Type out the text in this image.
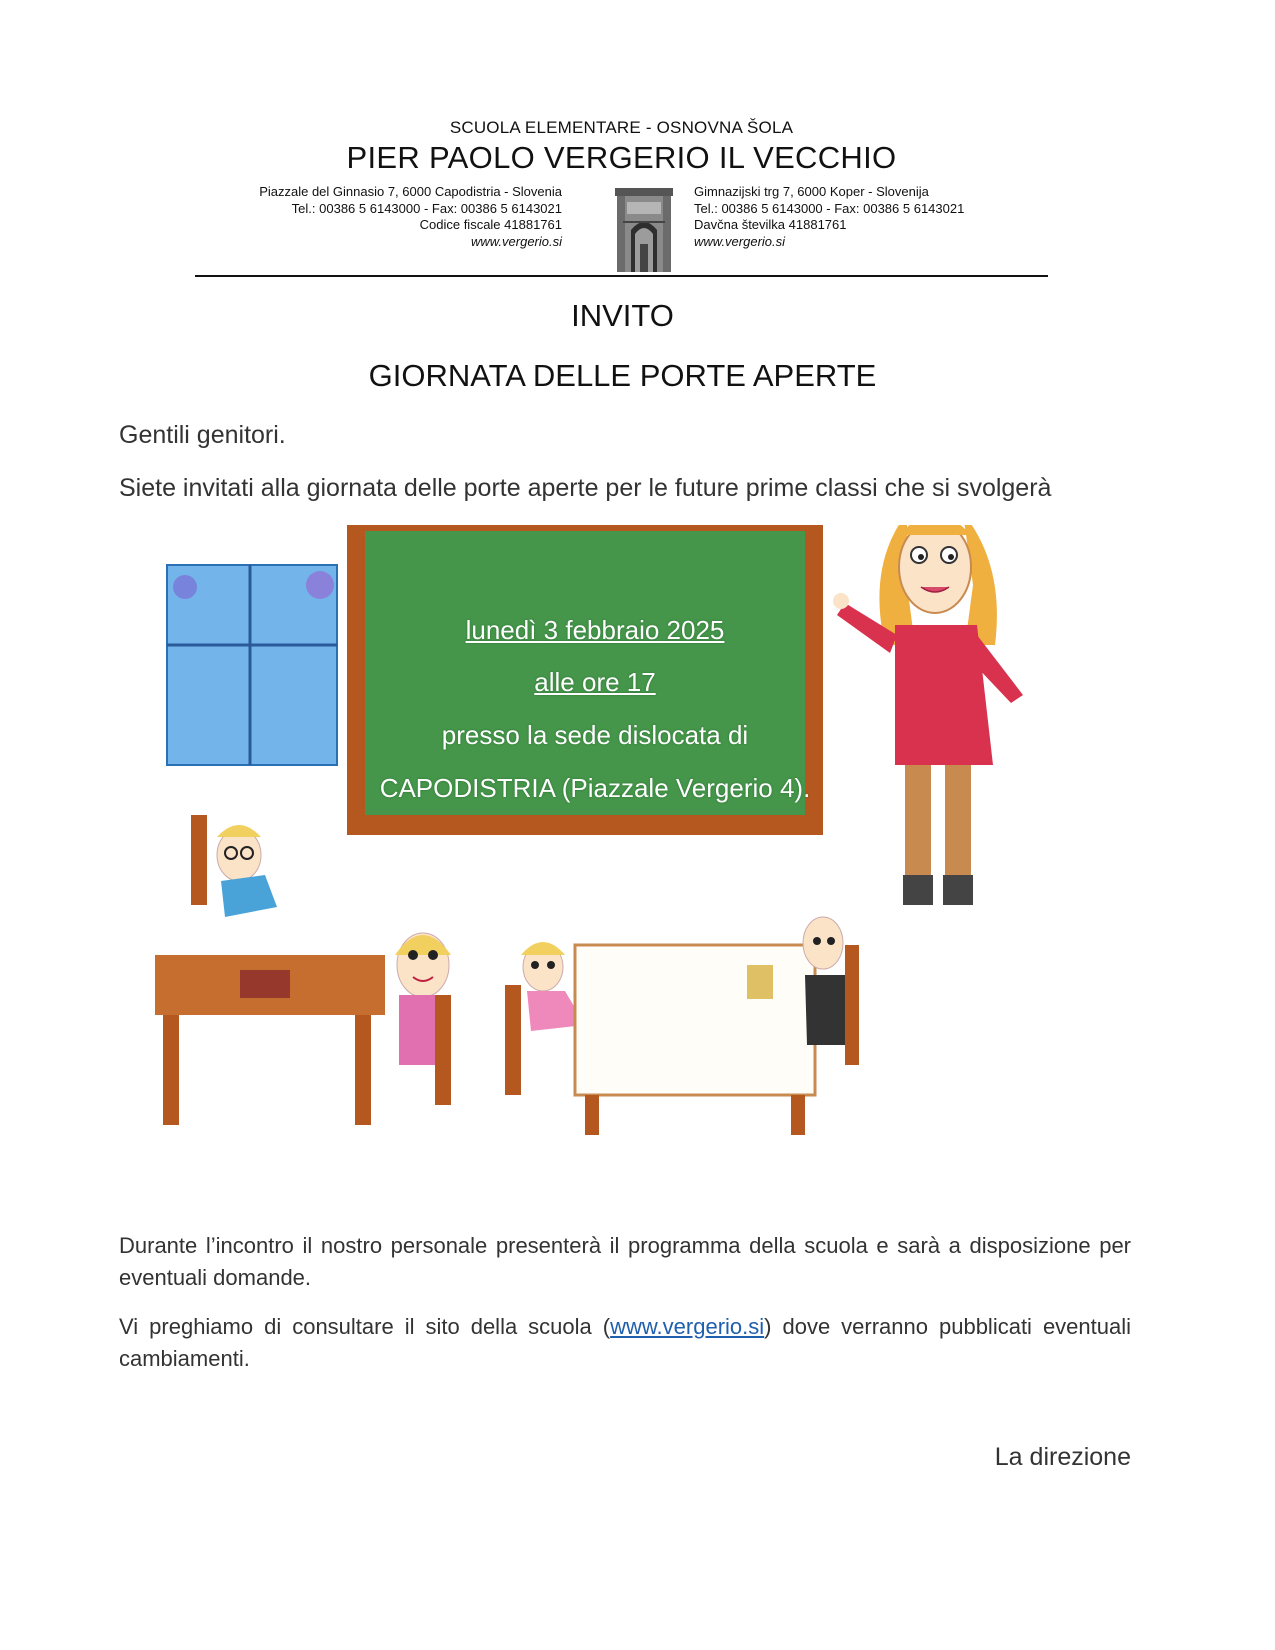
SCUOLA ELEMENTARE - OSNOVNA ŠOLA
PIER PAOLO VERGERIO IL VECCHIO
Piazzale del Ginnasio 7, 6000 Capodistria - Slovenia
Tel.: 00386 5 6143000 - Fax: 00386 5 6143021
Codice fiscale 41881761
www.vergerio.si
Gimnazijski trg 7, 6000 Koper - Slovenija
Tel.: 00386 5 6143000 - Fax: 00386 5 6143021
Davčna številka 41881761
www.vergerio.si
INVITO
GIORNATA DELLE PORTE APERTE
Gentili genitori.
Siete invitati alla giornata delle porte aperte per le future prime classi che si svolgerà
lunedì 3 febbraio 2025
alle ore 17
presso la sede dislocata di
CAPODISTRIA (Piazzale Vergerio 4).
Durante l’incontro il nostro personale presenterà il programma della scuola e sarà a disposizione per eventuali domande.
Vi preghiamo di consultare il sito della scuola (www.vergerio.si) dove verranno pubblicati eventuali cambiamenti.
La direzione
